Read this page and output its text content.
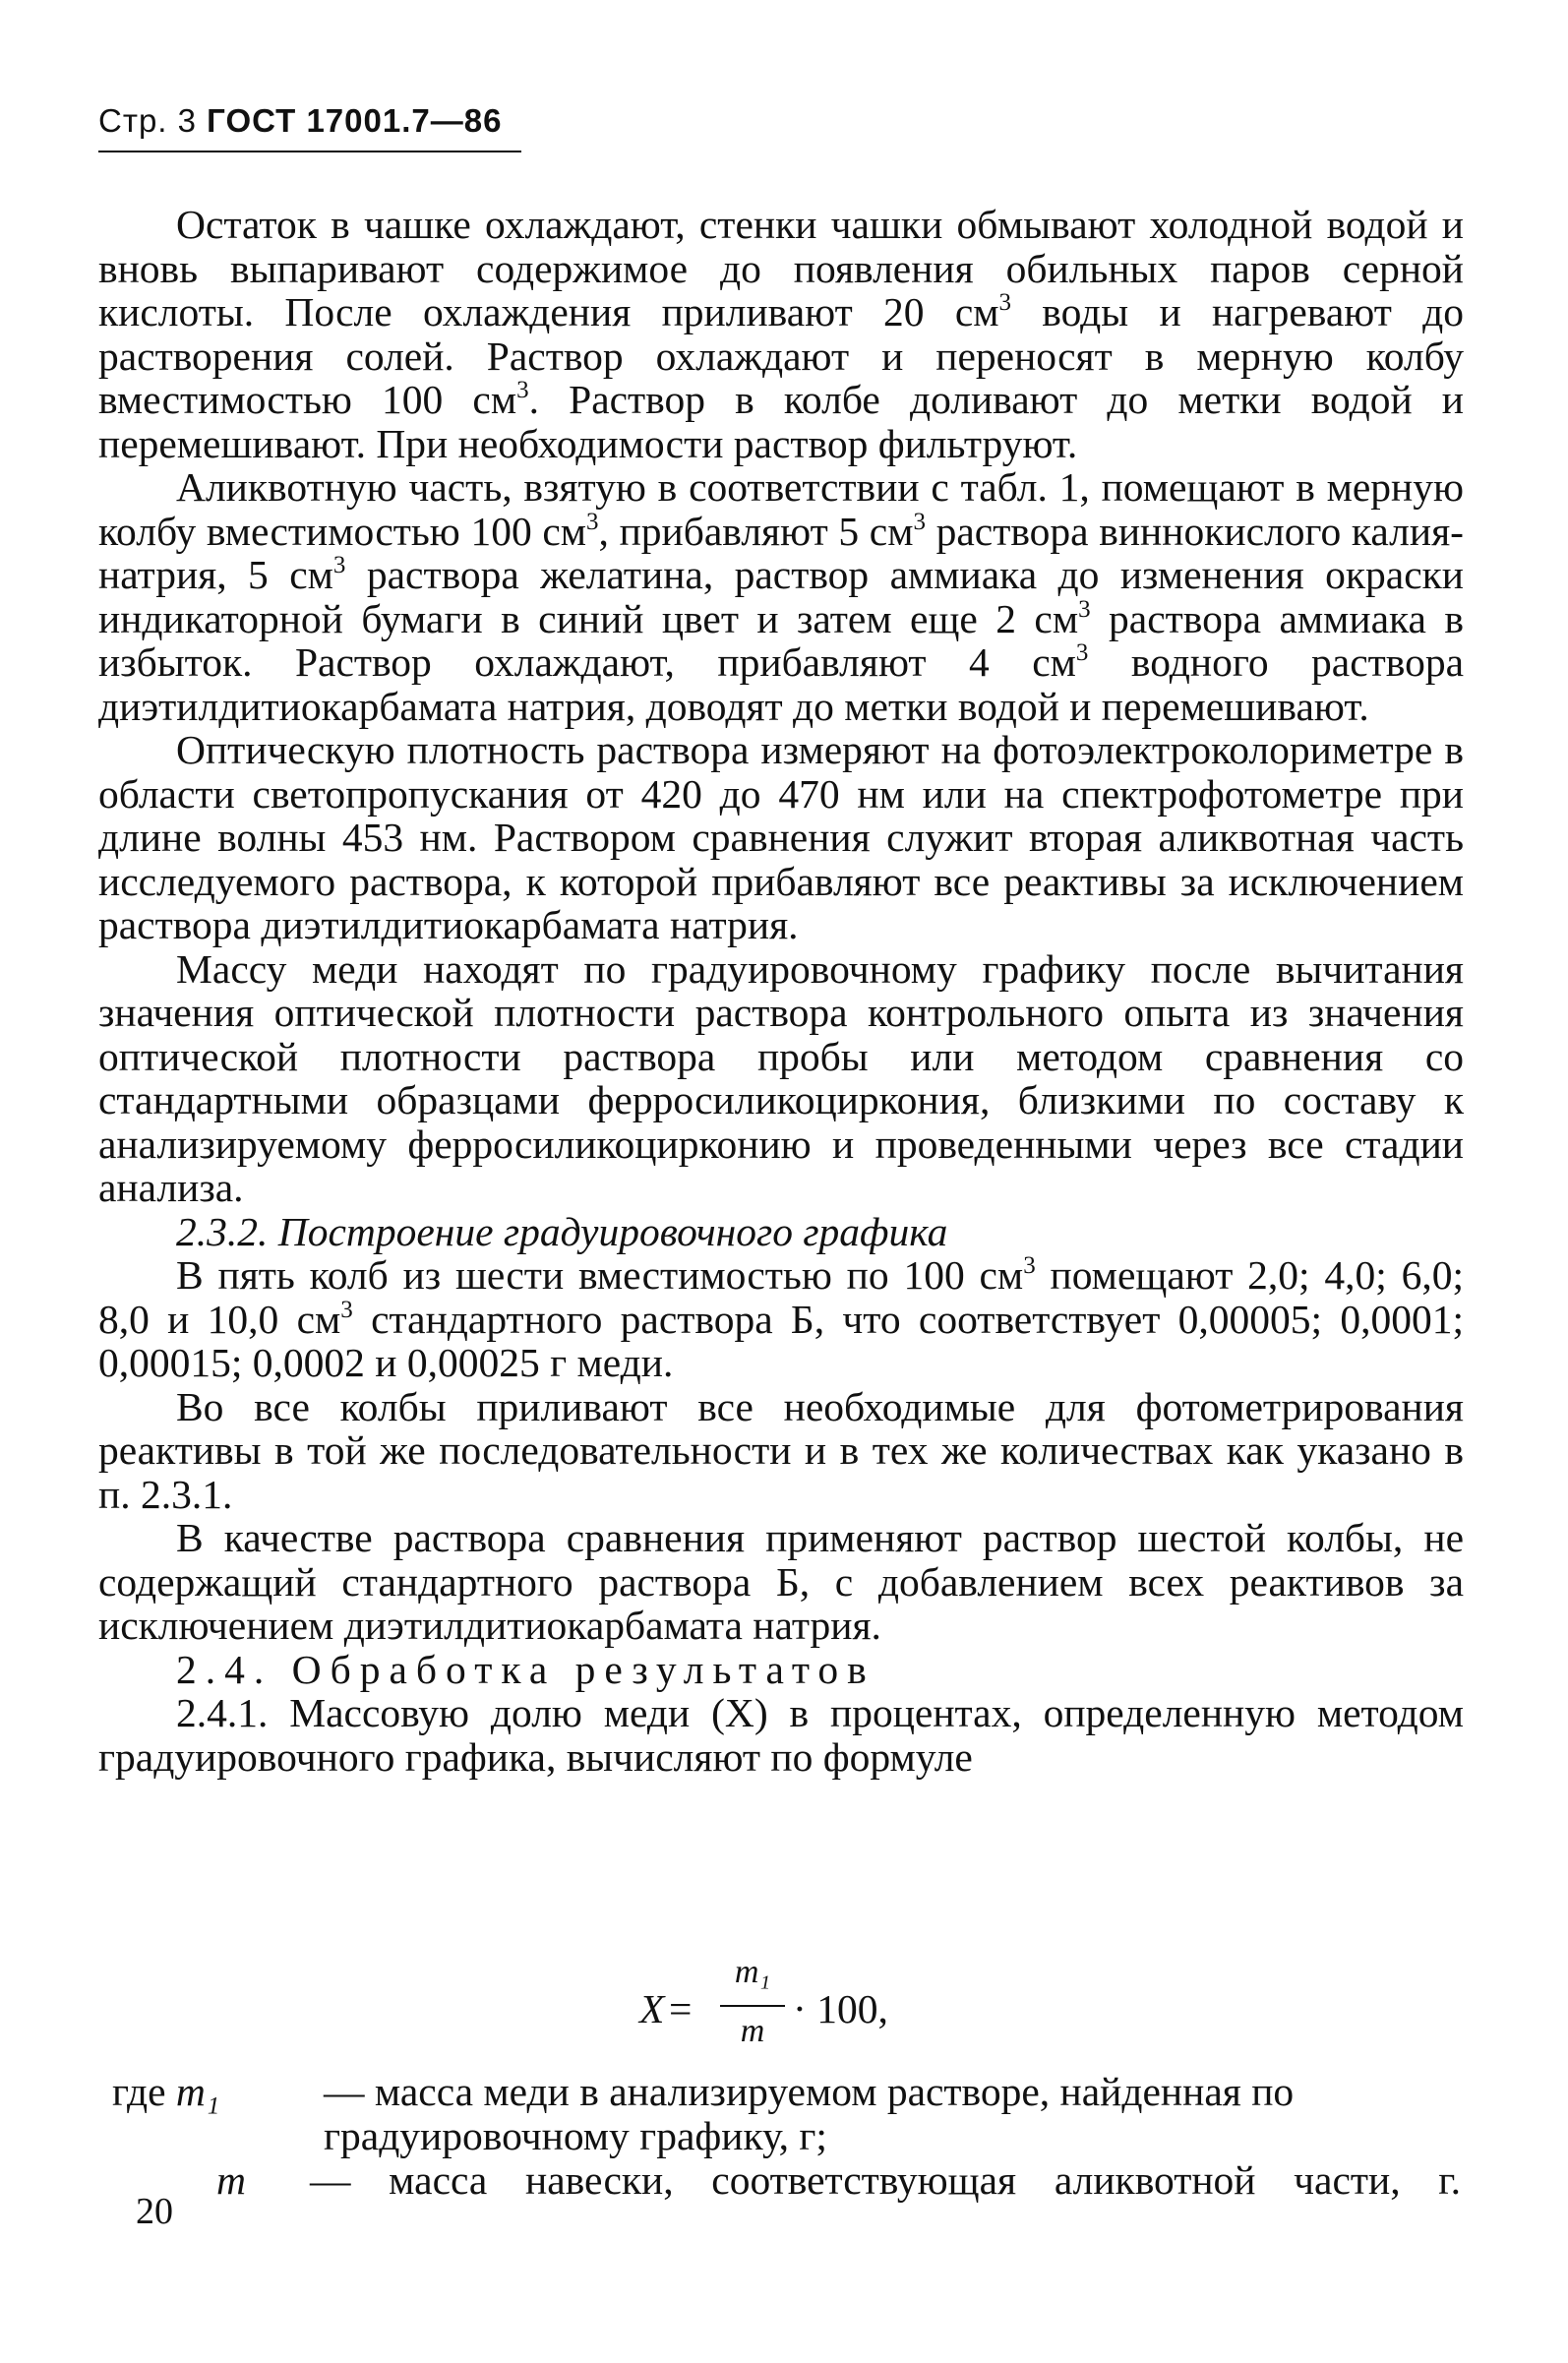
Стр. 3 ГОСТ 17001.7—86

Остаток в чашке охлаждают, стенки чашки обмывают холодной водой и вновь выпаривают содержимое до появления обильных паров серной кислоты. После охлаждения приливают 20 $см^3$ воды и нагревают до растворения солей. Раствор охлаждают и переносят в мерную колбу вместимостью 100 $см^3$. Раствор в колбе доливают до метки водой и перемешивают. При необходимости раствор фильтруют.

Аликвотную часть, взятую в соответствии с табл. 1, помещают в мерную колбу вместимостью 100 $см^3$, прибавляют 5 $см^3$ раствора виннокислого калия-натрия, 5 $см^3$ раствора желатина, раствор аммиака до изменения окраски индикаторной бумаги в синий цвет и затем еще 2 $см^3$ раствора аммиака в избыток. Раствор охлаждают, прибавляют 4 $см^3$ водного раствора диэтилдитиокарбамата натрия, доводят до метки водой и перемешивают.

Оптическую плотность раствора измеряют на фотоэлектроколориметре в области светопропускания от 420 до 470 нм или на спектрофотометре при длине волны 453 нм. Раствором сравнения служит вторая аликвотная часть исследуемого раствора, к которой прибавляют все реактивы за исключением раствора диэтилдитиокарбамата натрия.

Массу меди находят по градуировочному графику после вычитания значения оптической плотности раствора контрольного опыта из значения оптической плотности раствора пробы или методом сравнения со стандартными образцами ферросиликоциркония, близкими по составу к анализируемому ферросиликоцирконию и проведенными через все стадии анализа.

2.3.2. Построение градуировочного графика

В пять колб из шести вместимостью по 100 $см^3$ помещают 2,0; 4,0; 6,0; 8,0 и 10,0 $см^3$ стандартного раствора Б, что соответствует 0,00005; 0,0001; 0,00015; 0,0002 и 0,00025 г меди.

Во все колбы приливают все необходимые для фотометрирования реактивы в той же последовательности и в тех же количествах как указано в п. 2.3.1.

В качестве раствора сравнения применяют раствор шестой колбы, не содержащий стандартного раствора Б, с добавлением всех реактивов за исключением диэтилдитиокарбамата натрия.

2.4. Обработка результатов

2.4.1. Массовую долю меди (X) в процентах, определенную методом градуировочного графика, вычисляют по формуле

X =
m₁
m · 100,
где m₁	— масса меди в анализируемом растворе, найденная по
градуировочному графику, г;
m — масса навески, соответствующая аликвотной части, г.
20
